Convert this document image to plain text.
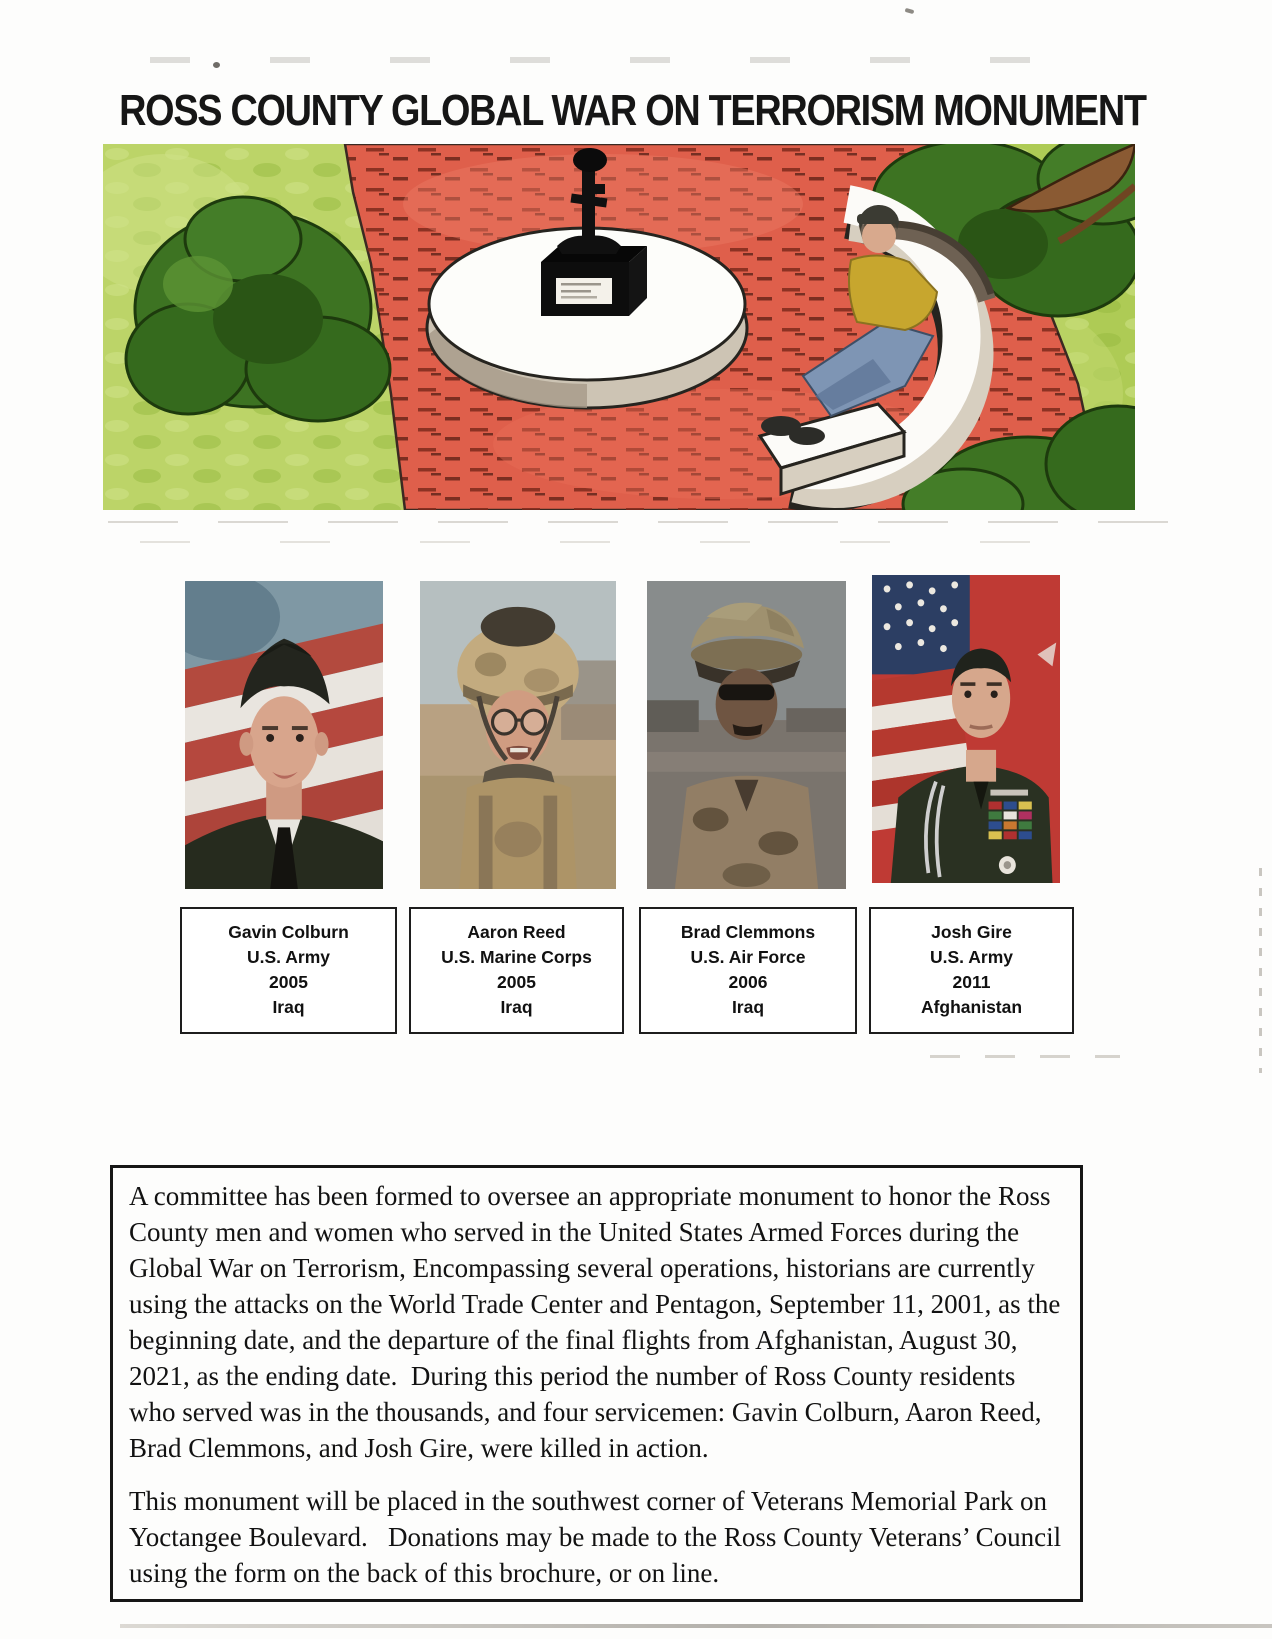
ROSS COUNTY GLOBAL WAR ON TERRORISM MONUMENT
Gavin Colburn
U.S. Army
2005
Iraq
Aaron Reed
U.S. Marine Corps
2005
Iraq
Brad Clemmons
U.S. Air Force
2006
Iraq
Josh Gire
U.S. Army
2011
Afghanistan

A committee has been formed to oversee an appropriate monument to honor the Ross County men and women who served in the United States Armed Forces during the Global War on Terrorism, Encompassing several operations, historians are currently using the attacks on the World Trade Center and Pentagon, September 11, 2001, as the beginning date, and the departure of the final flights from Afghanistan, August 30, 2021, as the ending date.  During this period the number of Ross County residents who served was in the thousands, and four servicemen: Gavin Colburn, Aaron Reed, Brad Clemmons, and Josh Gire, were killed in action.

This monument will be placed in the southwest corner of Veterans Memorial Park on Yoctangee Boulevard.   Donations may be made to the Ross County Veterans’ Council using the form on the back of this brochure, or on line.
